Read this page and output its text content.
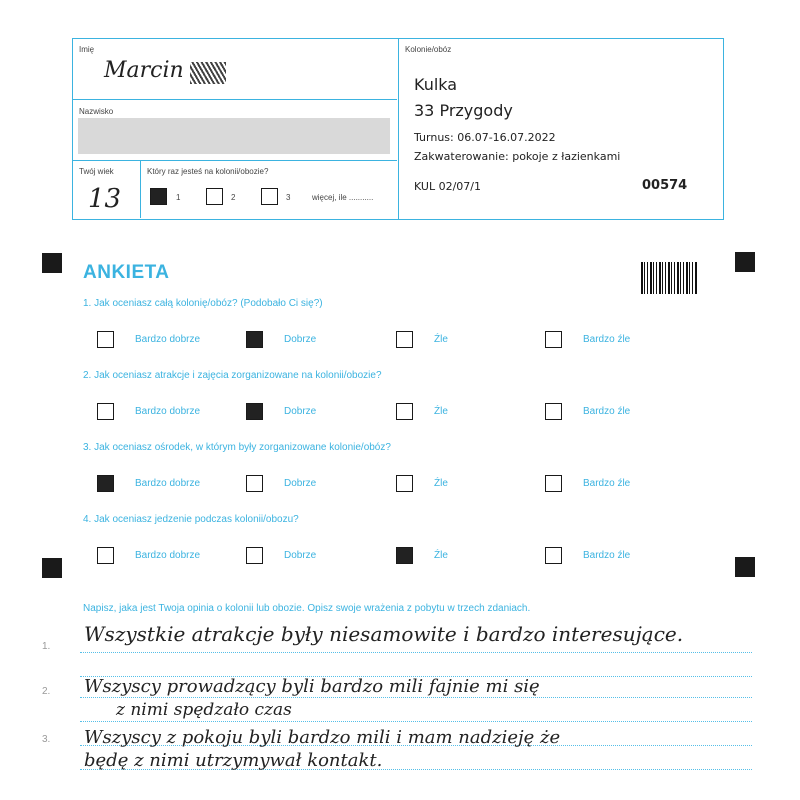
Imię
Marcin
Nazwisko
Twój wiek
13
Który raz jesteś na kolonii/obozie?
1	2	3	więcej, ile ...........
Kolonie/obóz
Kulka
33 Przygody
Turnus: 06.07-16.07.2022
Zakwaterowanie: pokoje z łazienkami
KUL 02/07/1	00574
ANKIETA
1. Jak oceniasz całą kolonię/obóz? (Podobało Ci się?)
Bardzo dobrze	Dobrze	Źle	Bardzo źle
2. Jak oceniasz atrakcje i zajęcia zorganizowane na kolonii/obozie?
Bardzo dobrze	Dobrze	Źle	Bardzo źle
3. Jak oceniasz ośrodek, w którym były zorganizowane kolonie/obóz?
Bardzo dobrze	Dobrze	Źle	Bardzo źle
4. Jak oceniasz jedzenie podczas kolonii/obozu?
Bardzo dobrze	Dobrze	Źle	Bardzo źle
Napisz, jaka jest Twoja opinia o kolonii lub obozie. Opisz swoje wrażenia z pobytu w trzech zdaniach.
1.
2.
3.
Wszystkie atrakcje były niesamowite i bardzo interesujące.
Wszyscy prowadzący byli bardzo mili fajnie mi się
z nimi spędzało czas
Wszyscy z pokoju byli bardzo mili i mam nadzieję że
będę z nimi utrzymywał kontakt.
